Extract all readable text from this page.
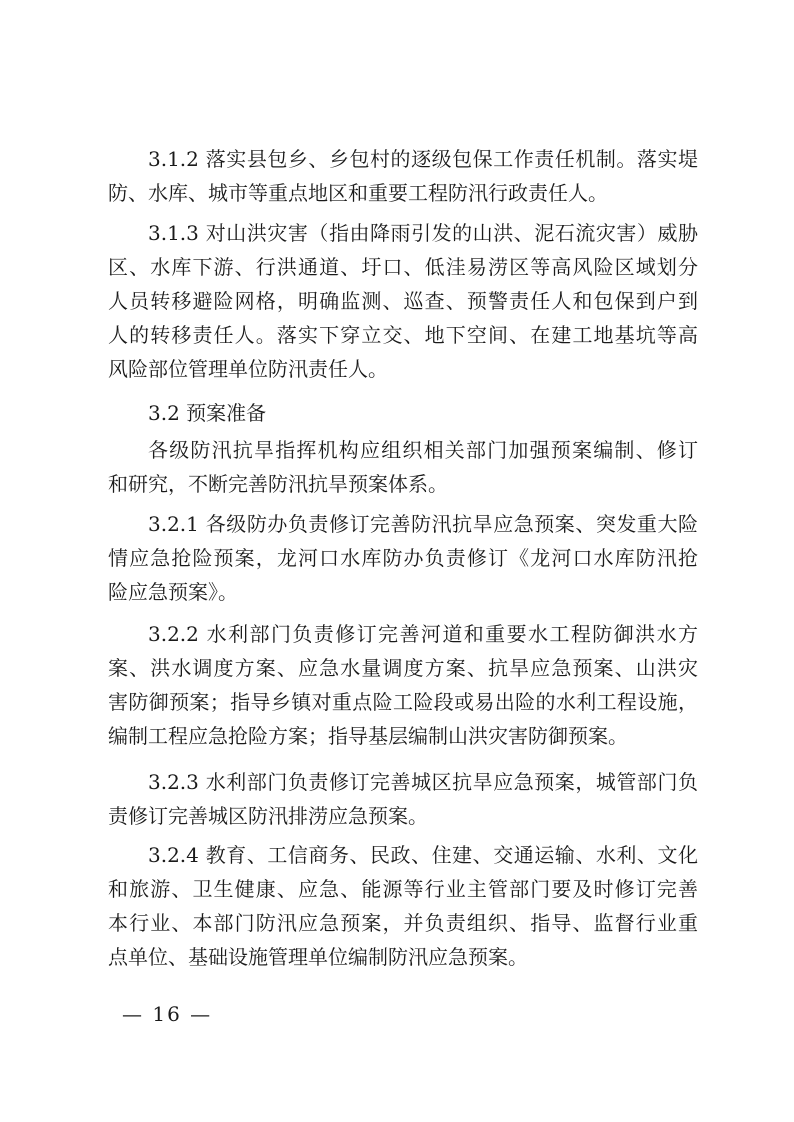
3.1.2 落实县包乡、乡包村的逐级包保工作责任机制。落实堤
防、水库、城市等重点地区和重要工程防汛行政责任人。
3.1.3 对山洪灾害（指由降雨引发的山洪、泥石流灾害）威胁
区、水库下游、行洪通道、圩口、低洼易涝区等高风险区域划分
人员转移避险网格，明确监测、巡查、预警责任人和包保到户到
人的转移责任人。落实下穿立交、地下空间、在建工地基坑等高
风险部位管理单位防汛责任人。
3.2 预案准备
各级防汛抗旱指挥机构应组织相关部门加强预案编制、修订
和研究，不断完善防汛抗旱预案体系。
3.2.1 各级防办负责修订完善防汛抗旱应急预案、突发重大险
情应急抢险预案，龙河口水库防办负责修订《龙河口水库防汛抢
险应急预案》。
3.2.2 水利部门负责修订完善河道和重要水工程防御洪水方
案、洪水调度方案、应急水量调度方案、抗旱应急预案、山洪灾
害防御预案；指导乡镇对重点险工险段或易出险的水利工程设施，
编制工程应急抢险方案；指导基层编制山洪灾害防御预案。
3.2.3 水利部门负责修订完善城区抗旱应急预案，城管部门负
责修订完善城区防汛排涝应急预案。
3.2.4 教育、工信商务、民政、住建、交通运输、水利、文化
和旅游、卫生健康、应急、能源等行业主管部门要及时修订完善
本行业、本部门防汛应急预案，并负责组织、指导、监督行业重
点单位、基础设施管理单位编制防汛应急预案。
— 16 —
